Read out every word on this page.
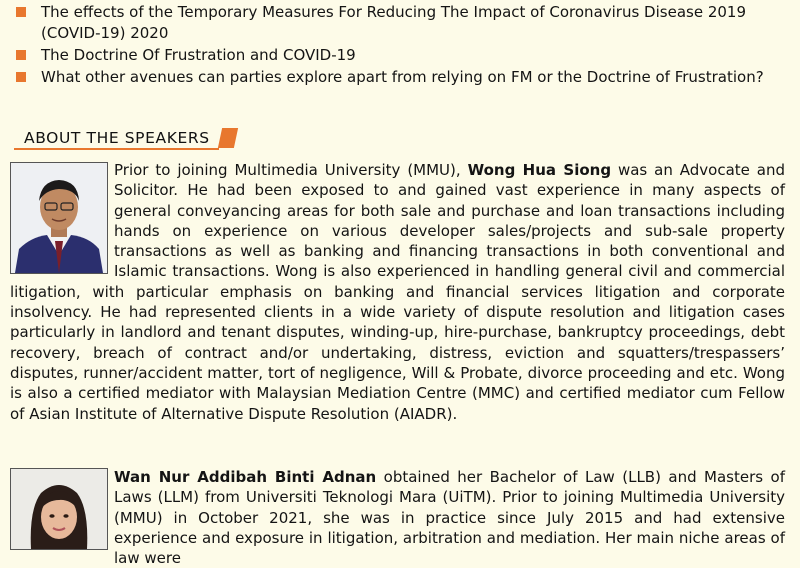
The effects of the Temporary Measures For Reducing The Impact of Coronavirus Disease 2019 (COVID-19) 2020
The Doctrine Of Frustration and COVID-19
What other avenues can parties explore apart from relying on FM or the Doctrine of Frustration?
ABOUT THE SPEAKERS

Prior to joining Multimedia University (MMU), Wong Hua Siong was an Advocate and Solicitor. He had been exposed to and gained vast experience in many aspects of general conveyancing areas for both sale and purchase and loan transactions including hands on experience on various developer sales/projects and sub-sale property transactions as well as banking and financing transactions in both conventional and Islamic transactions. Wong is also experienced in handling general civil and commercial litigation, with particular emphasis on banking and financial services litigation and corporate insolvency. He had represented clients in a wide variety of dispute resolution and litigation cases particularly in landlord and tenant disputes, winding-up, hire-purchase, bankruptcy proceedings, debt recovery, breach of contract and/or undertaking, distress, eviction and squatters/trespassers’ disputes, runner/accident matter, tort of negligence, Will & Probate, divorce proceeding and etc. Wong is also a certified mediator with Malaysian Mediation Centre (MMC) and certified mediator cum Fellow of Asian Institute of Alternative Dispute Resolution (AIADR).

Wan Nur Addibah Binti Adnan obtained her Bachelor of Law (LLB) and Masters of Laws (LLM) from Universiti Teknologi Mara (UiTM). Prior to joining Multimedia University (MMU) in October 2021, she was in practice since July 2015 and had extensive experience and exposure in litigation, arbitration and mediation. Her main niche areas of law were
